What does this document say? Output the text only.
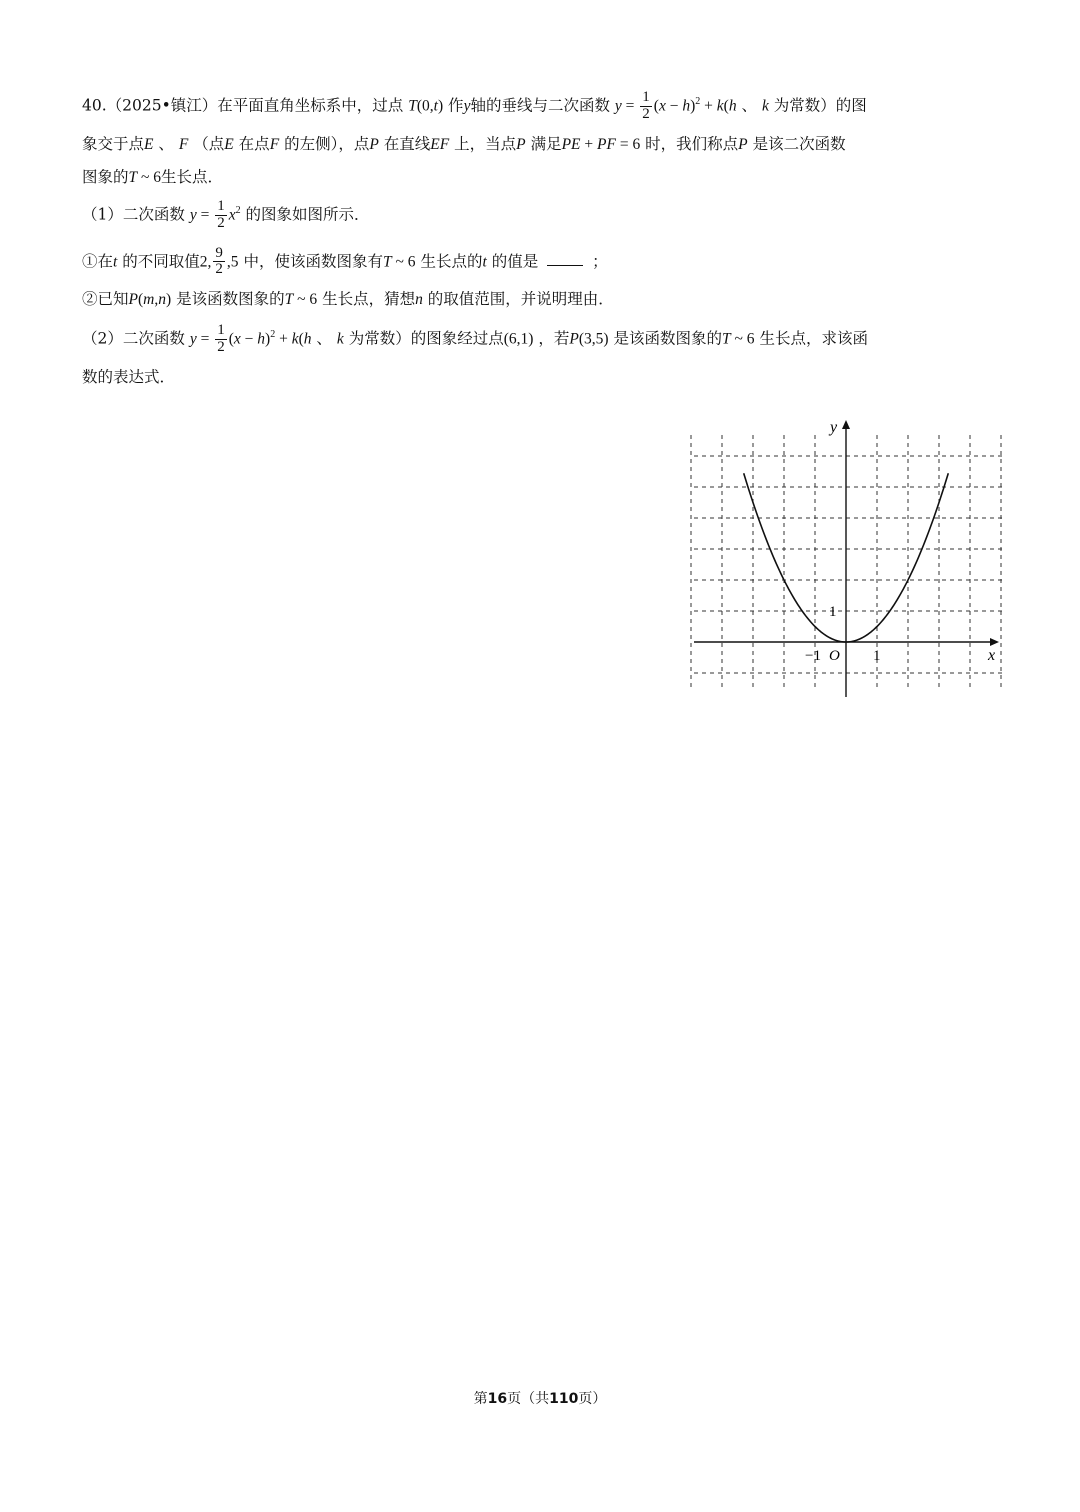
40.（2025•镇江）在平面直角坐标系中，过点 T(0,t) 作y轴的垂线与二次函数 $y = \frac{1}{2} (x - h)^2 + k(h$ 、 k 为常数）的图
象交于点E 、 F （点E 在点F 的左侧），点P 在直线EF 上，当点P 满足PE + PF = 6 时，我们称点P 是该二次函数
图象的T ~ 6生长点．
（1）二次函数 $y = \frac{1}{2} x^2$ 的图象如图所示．
①在t 的不同取值2, $\frac{9}{2} ,5$ 中，使该函数图象有T ~ 6 生长点的t 的值是	；
②已知P(m,n) 是该函数图象的T ~ 6 生长点，猜想n 的取值范围，并说明理由．
（2）二次函数 $y = \frac{1}{2} (x - h)^2 + k(h$ 、 k 为常数）的图象经过点(6,1) ，若P(3,5) 是该函数图象的T ~ 6 生长点，求该函
数的表达式．
x
y
O
−1	1
1
第16页（共110页）
